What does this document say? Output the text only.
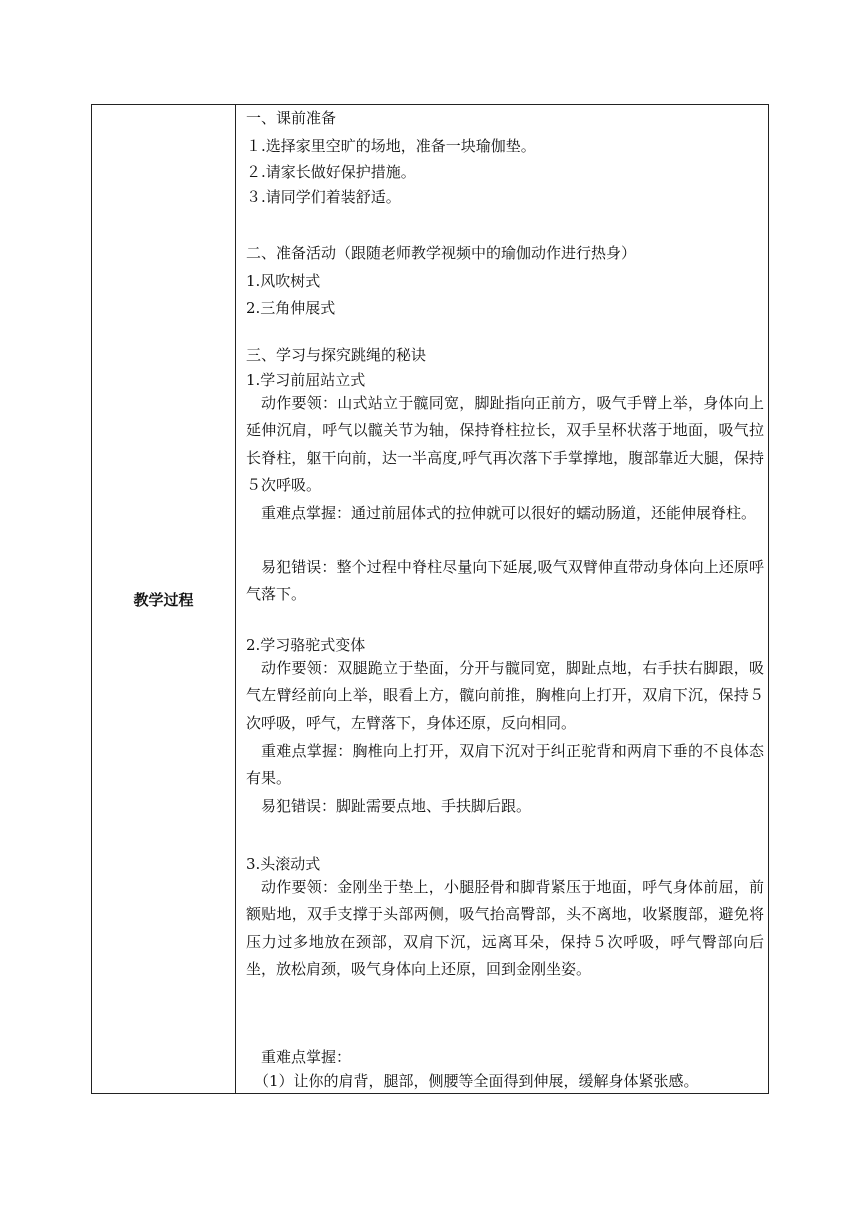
教学过程
一、课前准备
１.选择家里空旷的场地，准备一块瑜伽垫。
２.请家长做好保护措施。
３.请同学们着装舒适。
二、准备活动（跟随老师教学视频中的瑜伽动作进行热身）
1.风吹树式
2.三角伸展式
三、学习与探究跳绳的秘诀
1.学习前屈站立式
动作要领：山式站立于髋同宽，脚趾指向正前方，吸气手臂上举，身体向上延伸沉肩，呼气以髋关节为轴，保持脊柱拉长，双手呈杯状落于地面，吸气拉长脊柱，躯干向前，达一半高度,呼气再次落下手掌撑地，腹部靠近大腿，保持５次呼吸。
重难点掌握：通过前屈体式的拉伸就可以很好的蠕动肠道，还能伸展脊柱。
易犯错误：整个过程中脊柱尽量向下延展,吸气双臂伸直带动身体向上还原呼气落下。
2.学习骆驼式变体
动作要领：双腿跪立于垫面，分开与髋同宽，脚趾点地，右手扶右脚跟，吸气左臂经前向上举，眼看上方，髋向前推，胸椎向上打开，双肩下沉，保持５次呼吸，呼气，左臂落下，身体还原，反向相同。
重难点掌握：胸椎向上打开，双肩下沉对于纠正驼背和两肩下垂的不良体态有果。
易犯错误：脚趾需要点地、手扶脚后跟。
3.头滚动式
动作要领：金刚坐于垫上，小腿胫骨和脚背紧压于地面，呼气身体前屈，前额贴地，双手支撑于头部两侧，吸气抬高臀部，头不离地，收紧腹部，避免将压力过多地放在颈部，双肩下沉，远离耳朵，保持５次呼吸，呼气臀部向后坐，放松肩颈，吸气身体向上还原，回到金刚坐姿。
重难点掌握：
（1）让你的肩背，腿部，侧腰等全面得到伸展，缓解身体紧张感。
